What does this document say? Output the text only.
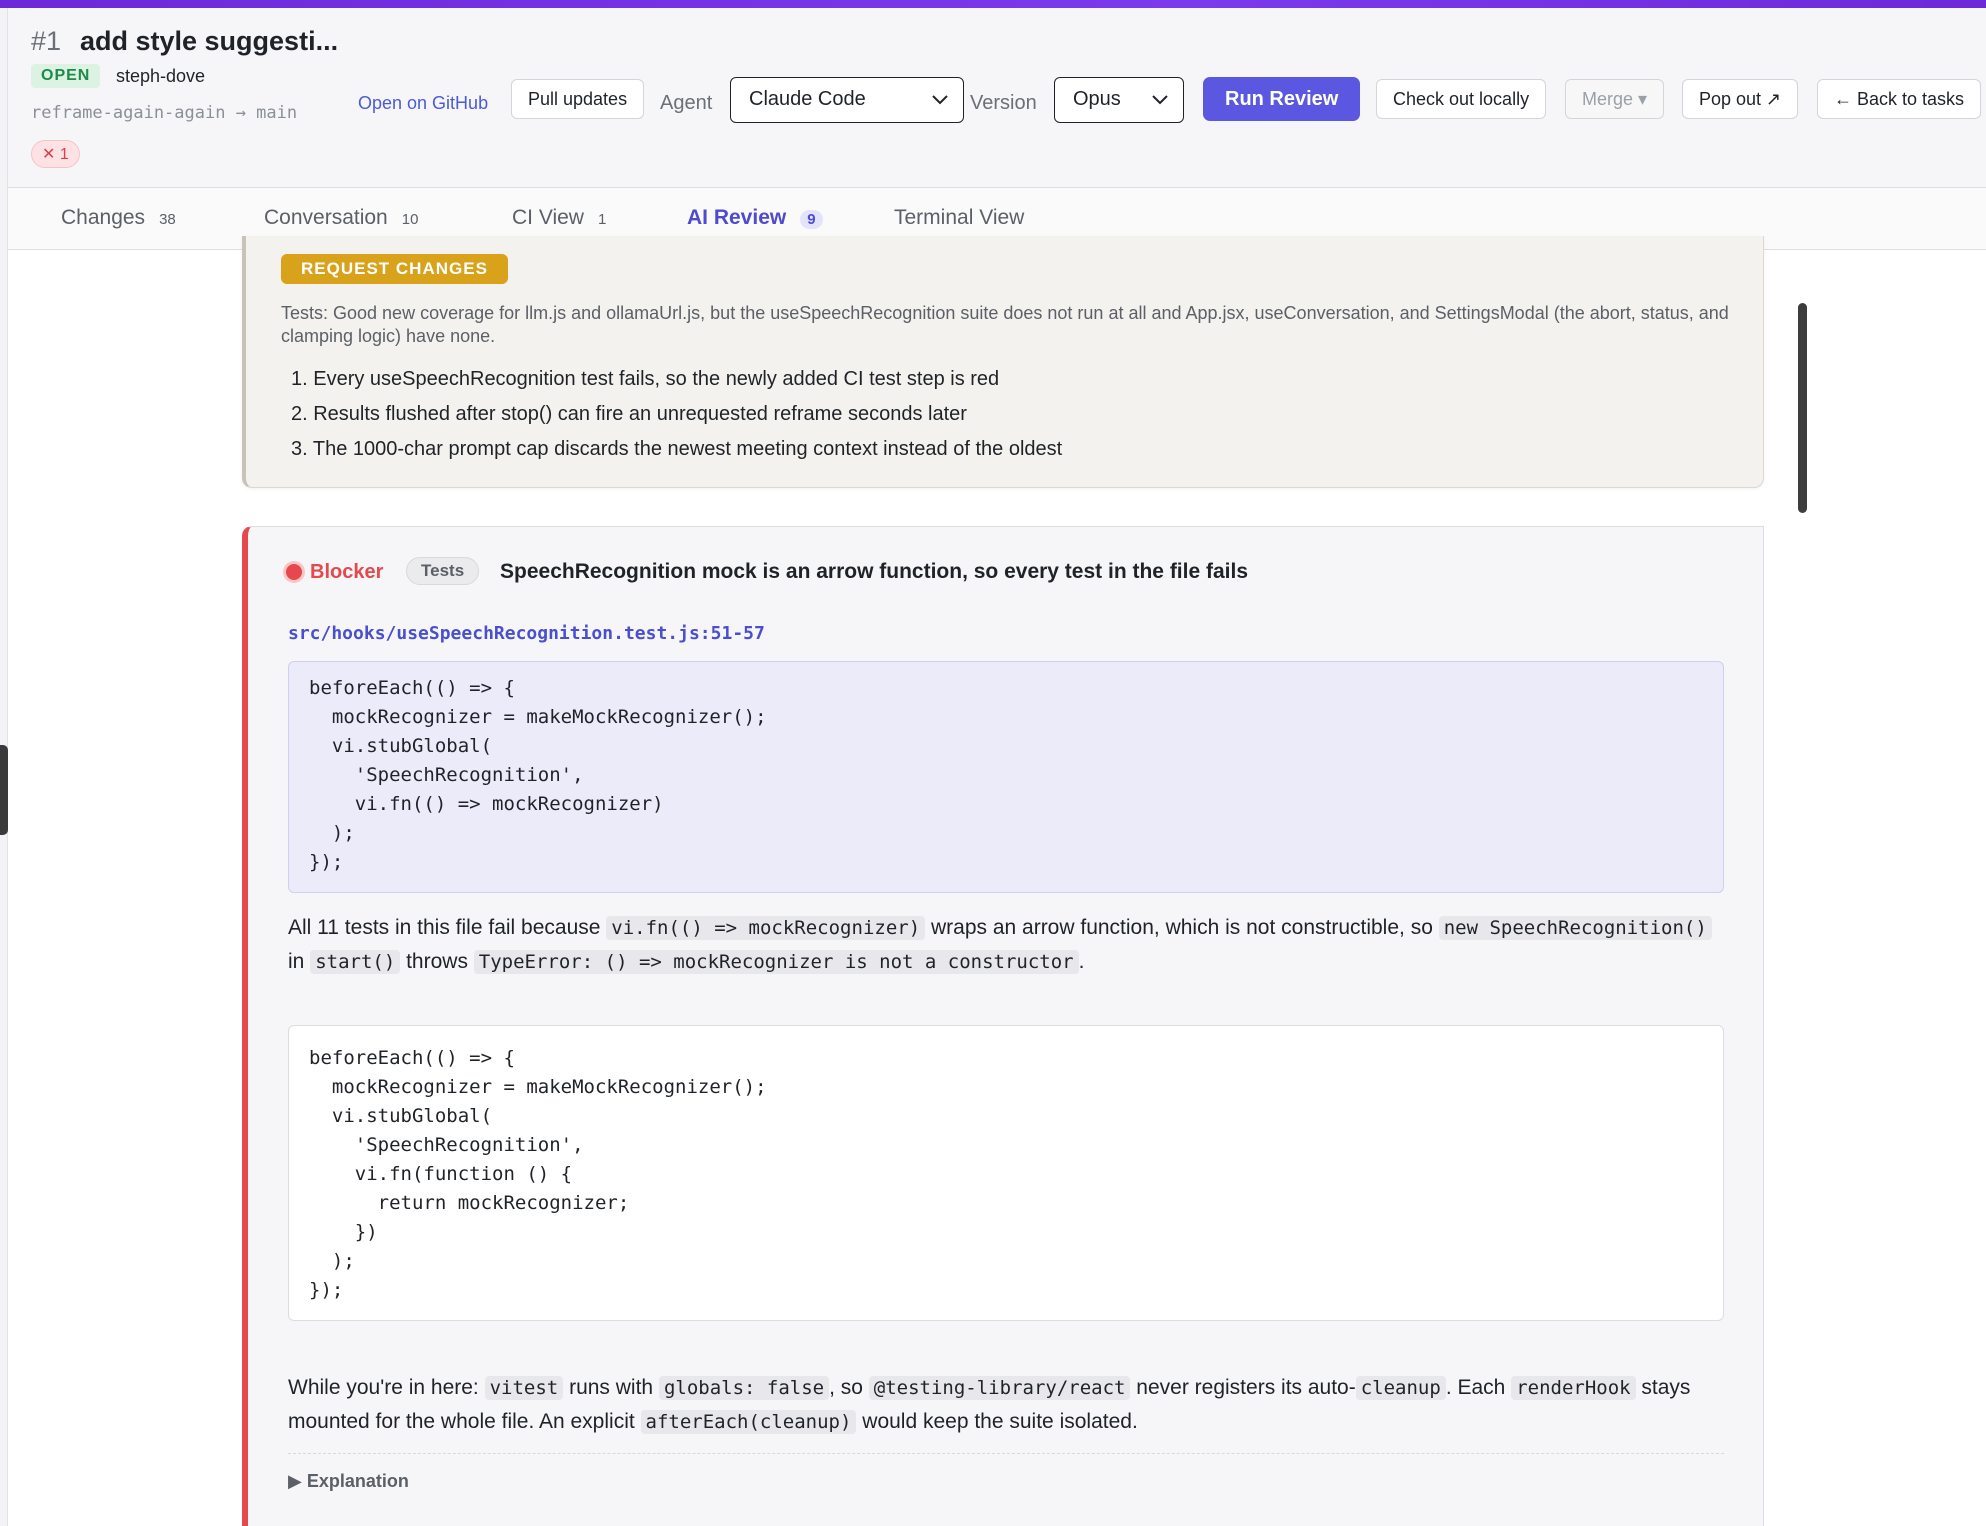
#1 add style suggesti...
OPEN	steph-dove
reframe-again-again → main
✕ 1
Open on GitHub	Pull updates	Agent	Claude Code	Version	Opus	Run Review	Check out locally	Merge ▾	Pop out ↗	← Back to tasks
Changes 38	Conversation 10	CI View 1	AI Review 9	Terminal View
REQUEST CHANGES
Tests: Good new coverage for llm.js and ollamaUrl.js, but the useSpeechRecognition suite does not run at all and App.jsx, useConversation, and SettingsModal (the abort, status, and clamping logic) have none.
1. Every useSpeechRecognition test fails, so the newly added CI test step is red
2. Results flushed after stop() can fire an unrequested reframe seconds later
3. The 1000-char prompt cap discards the newest meeting context instead of the oldest
Blocker	Tests	SpeechRecognition mock is an arrow function, so every test in the file fails
src/hooks/useSpeechRecognition.test.js:51-57
beforeEach(() => {
mockRecognizer = makeMockRecognizer();
vi.stubGlobal(
'SpeechRecognition',
vi.fn(() => mockRecognizer)
);
});
All 11 tests in this file fail because vi.fn(() => mockRecognizer) wraps an arrow function, which is not constructible, so new SpeechRecognition() in start() throws TypeError: () => mockRecognizer is not a constructor .
beforeEach(() => {
mockRecognizer = makeMockRecognizer();
vi.stubGlobal(
'SpeechRecognition',
vi.fn(function () {
return mockRecognizer;
})
);
});
While you're in here: vitest runs with globals: false , so @testing-library/react never registers its auto- cleanup . Each renderHook stays mounted for the whole file. An explicit afterEach(cleanup) would keep the suite isolated.
▶ Explanation
